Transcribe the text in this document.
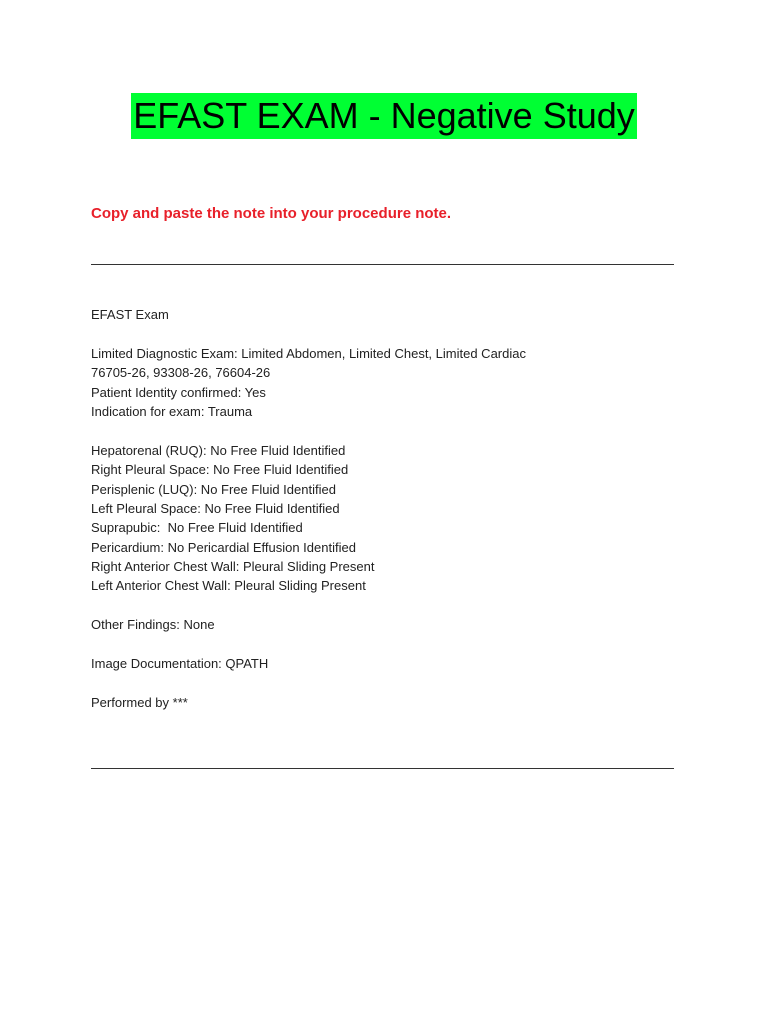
EFAST EXAM - Negative Study

Copy and paste the note into your procedure note.

EFAST Exam

Limited Diagnostic Exam: Limited Abdomen, Limited Chest, Limited Cardiac

76705-26, 93308-26, 76604-26

Patient Identity confirmed: Yes

Indication for exam: Trauma

Hepatorenal (RUQ): No Free Fluid Identified

Right Pleural Space: No Free Fluid Identified

Perisplenic (LUQ): No Free Fluid Identified

Left Pleural Space: No Free Fluid Identified

Suprapubic:  No Free Fluid Identified

Pericardium: No Pericardial Effusion Identified

Right Anterior Chest Wall: Pleural Sliding Present

Left Anterior Chest Wall: Pleural Sliding Present

Other Findings: None

Image Documentation: QPATH

Performed by ***
